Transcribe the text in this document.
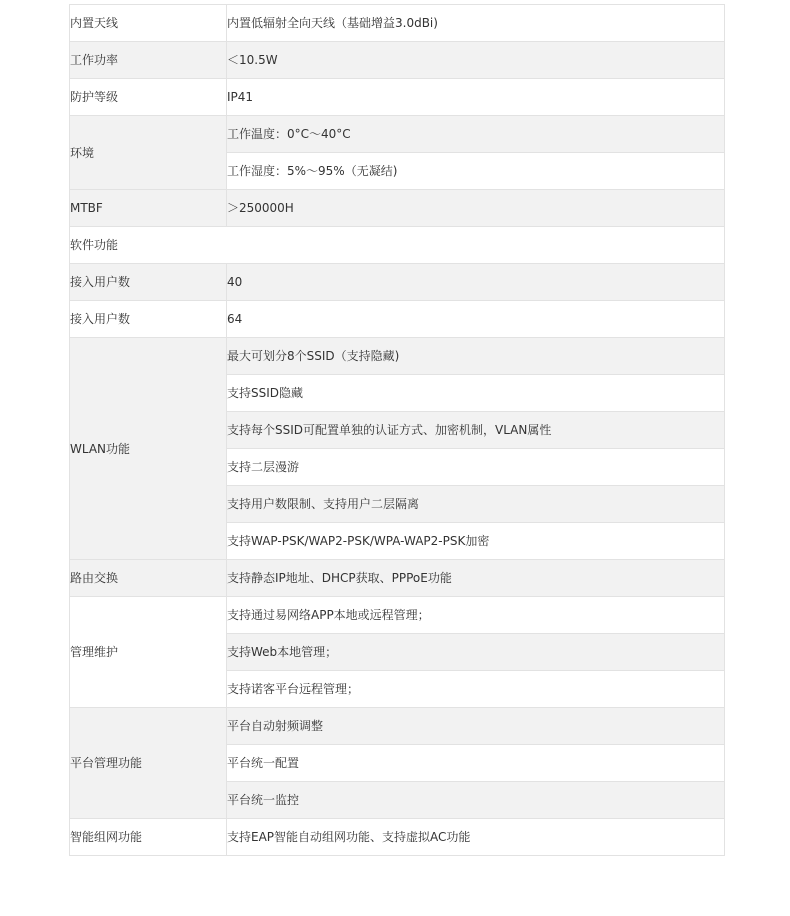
内置天线	内置低辐射全向天线（基础增益3.0dBi)
工作功率	＜10.5W
防护等级	IP41
环境	工作温度：0°C～40°C
	工作湿度：5%～95%（无凝结)
MTBF	＞250000H
软件功能	
接入用户数	40
接入用户数	64
WLAN功能	最大可划分8个SSID（支持隐藏)
	支持SSID隐藏
	支持每个SSID可配置单独的认证方式、加密机制，VLAN属性
	支持二层漫游
	支持用户数限制、支持用户二层隔离
	支持WAP-PSK/WAP2-PSK/WPA-WAP2-PSK加密
路由交换	支持静态IP地址、DHCP获取、PPPoE功能
管理维护	支持通过易网络APP本地或远程管理；
	支持Web本地管理；
	支持诺客平台远程管理；
平台管理功能	平台自动射频调整
	平台统一配置
	平台统一监控
智能组网功能	支持EAP智能自动组网功能、支持虚拟AC功能
